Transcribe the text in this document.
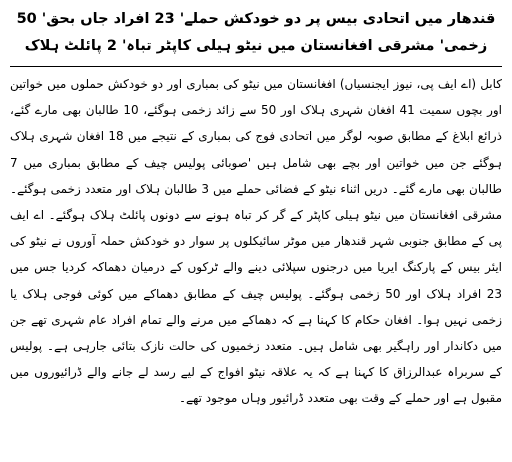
قندھار میں اتحادی بیس پر دو خودکش حملے' 23 افراد جاں بحق' 50 زخمی' مشرقی افغانستان میں نیٹو ہیلی کاپٹر تباہ' 2 پائلٹ ہلاک

کابل (اے ایف پی، نیوز ایجنسیاں) افغانستان میں نیٹو کی بمباری اور دو خودکش حملوں میں خواتین اور بچوں سمیت 41 افغان شہری ہلاک اور 50 سے زائد زخمی ہوگئے، 10 طالبان بھی مارے گئے، ذرائع ابلاغ کے مطابق صوبہ لوگر میں اتحادی فوج کی بمباری کے نتیجے میں 18 افغان شہری ہلاک ہوگئے جن میں خواتین اور بچے بھی شامل ہیں 'صوبائی پولیس چیف کے مطابق بمباری میں 7 طالبان بھی مارے گئے۔ دریں اثناء نیٹو کے فضائی حملے میں 3 طالبان ہلاک اور متعدد زخمی ہوگئے۔ مشرقی افغانستان میں نیٹو ہیلی کاپٹر کے گر کر تباہ ہونے سے دونوں پائلٹ ہلاک ہوگئے۔ اے ایف پی کے مطابق جنوبی شہر قندھار میں موٹر سائیکلوں پر سوار دو خودکش حملہ آوروں نے نیٹو کی ایئر بیس کے پارکنگ ایریا میں درجنوں سپلائی دینے والے ٹرکوں کے درمیان دھماکہ کردیا جس میں 23 افراد ہلاک اور 50 زخمی ہوگئے۔ پولیس چیف کے مطابق دھماکے میں کوئی فوجی ہلاک یا زخمی نہیں ہوا۔ افغان حکام کا کہنا ہے کہ دھماکے میں مرنے والے تمام افراد عام شہری تھے جن میں دکاندار اور راہگیر بھی شامل ہیں۔ متعدد زخمیوں کی حالت نازک بتائی جارہی ہے۔ پولیس کے سربراہ عبدالرزاق کا کہنا ہے کہ یہ علاقہ نیٹو افواج کے لیے رسد لے جانے والے ڈرائیوروں میں مقبول ہے اور حملے کے وقت بھی متعدد ڈرائیور وہاں موجود تھے۔
